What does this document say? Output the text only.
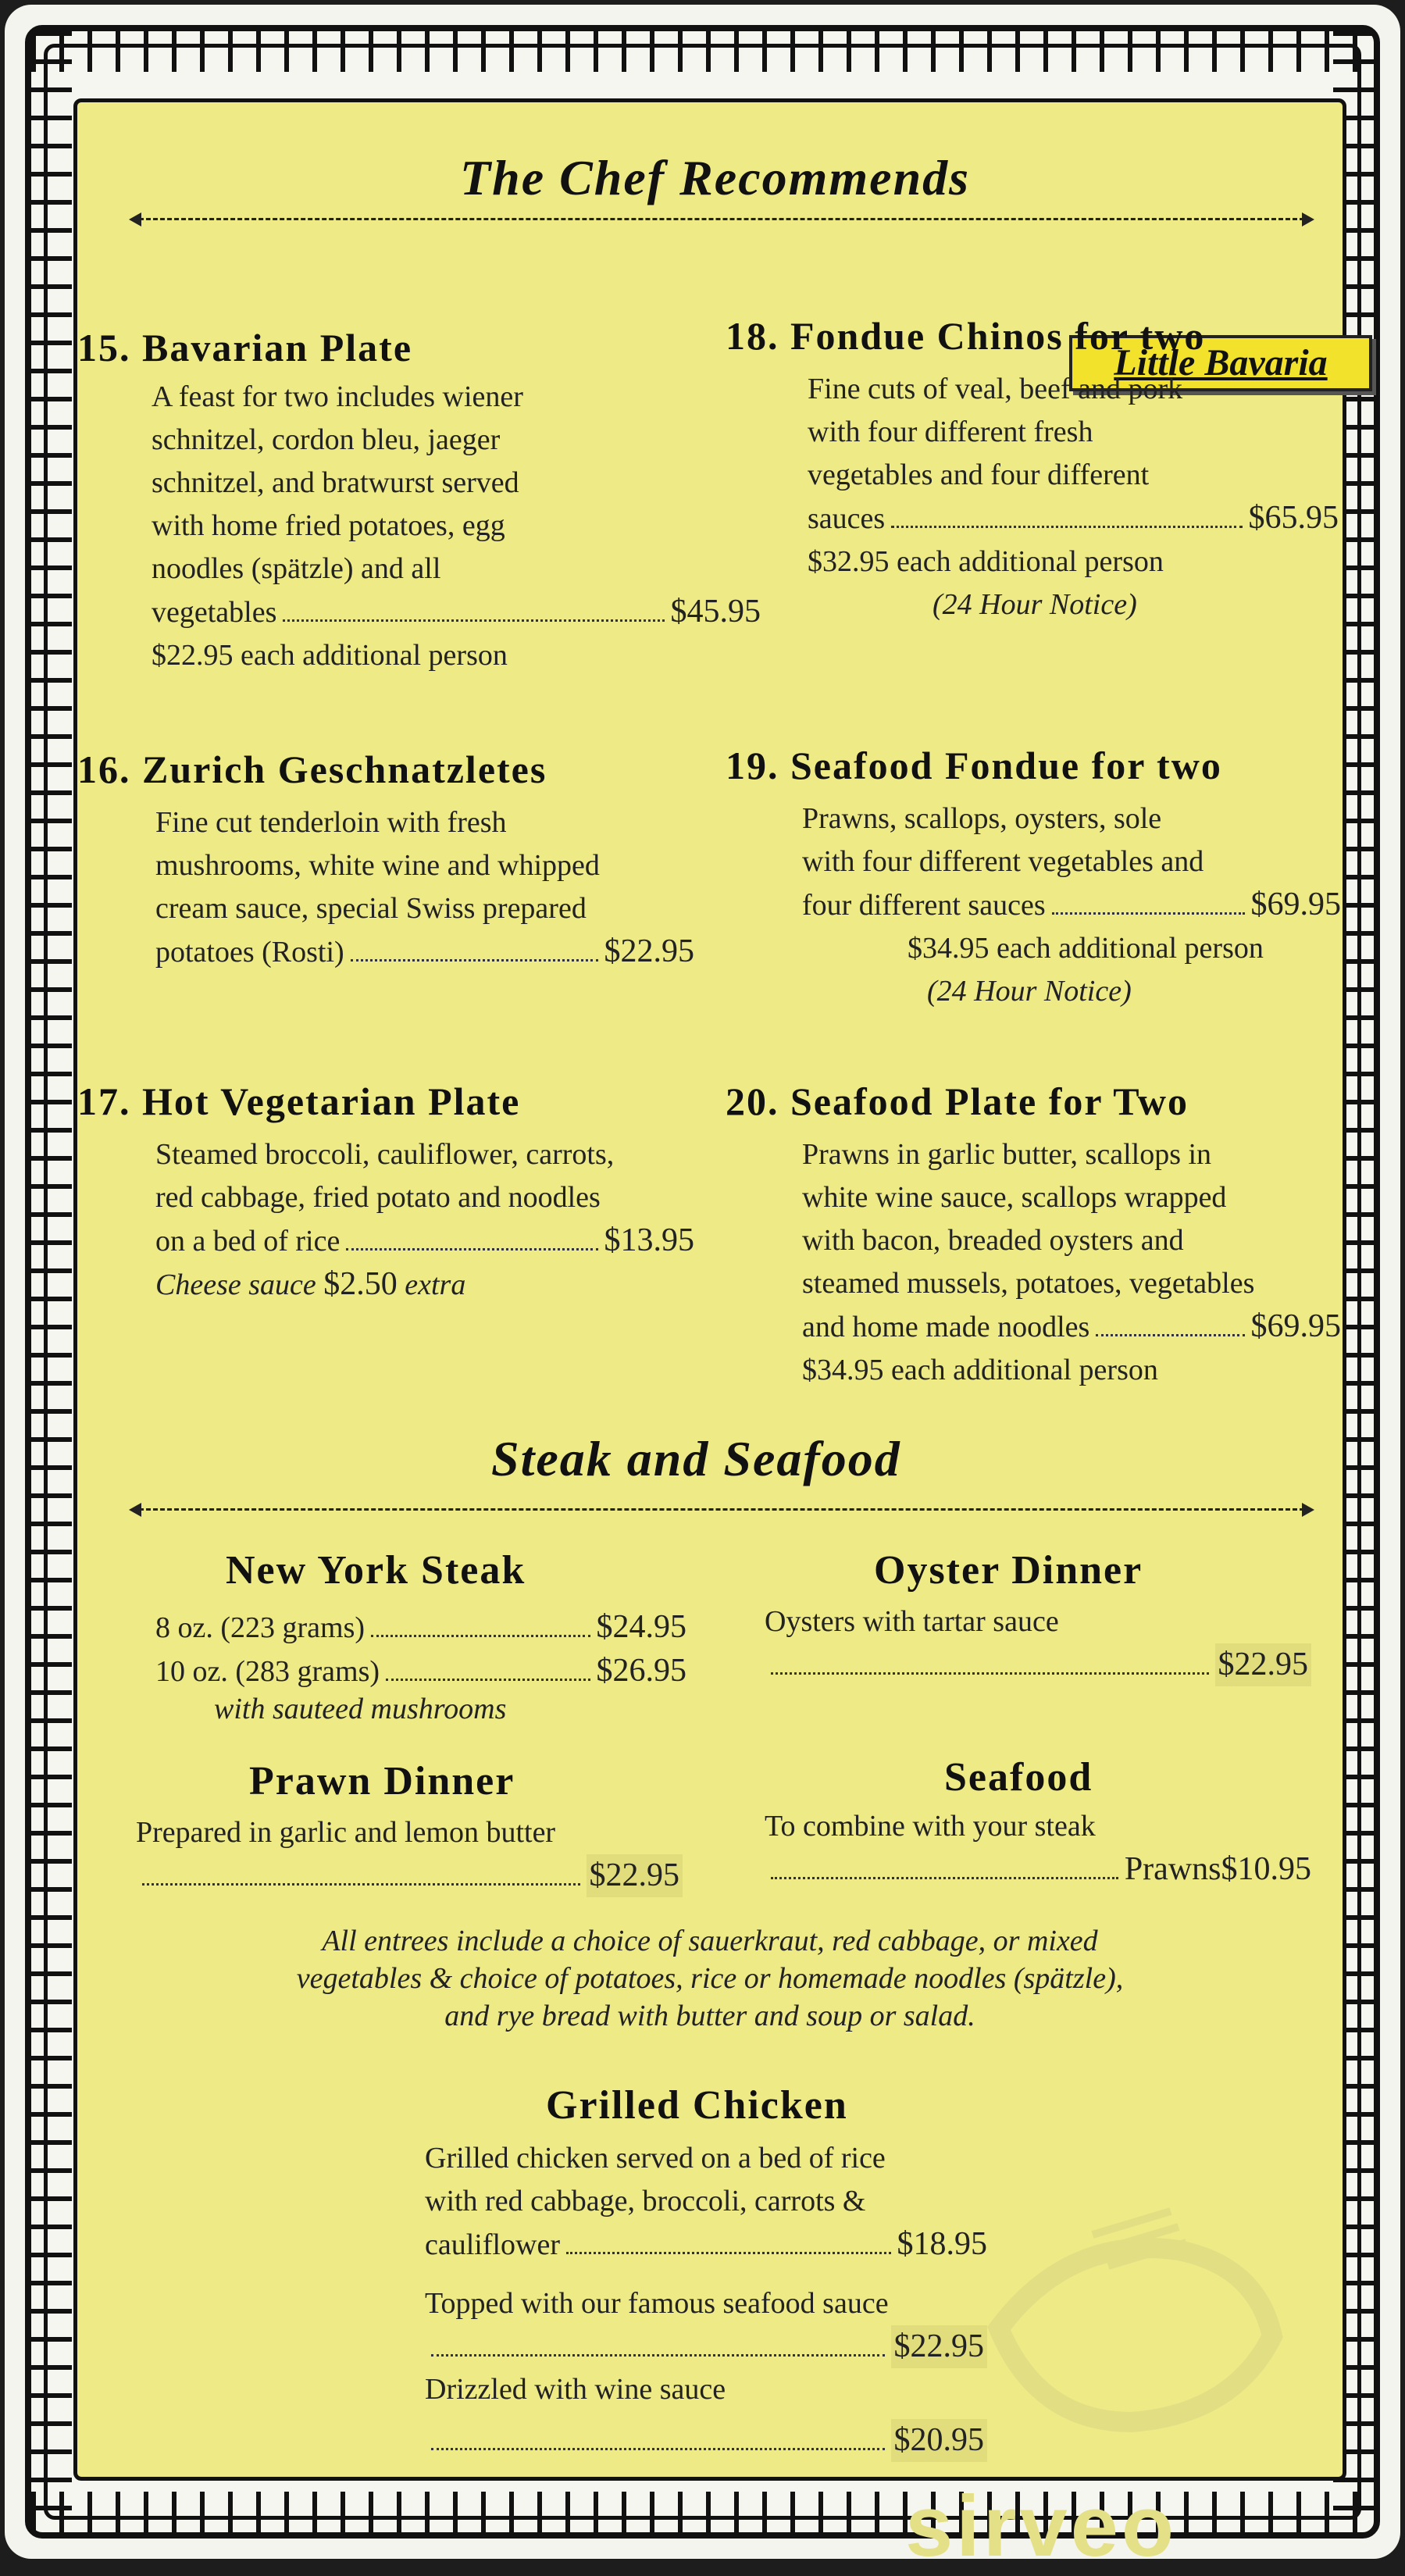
sirveo
The Chef Recommends
Little Bavaria
15. Bavarian Plate
A feast for two includes wiener
schnitzel, cordon bleu, jaeger
schnitzel, and bratwurst served
with home fried potatoes, egg
noodles (spätzle) and all
vegetables	$45.95
$22.95 each additional person
18. Fondue Chinos for two
Fine cuts of veal, beef and pork
with four different fresh
vegetables and four different
sauces	$65.95
$32.95 each additional person
(24 Hour Notice)
16. Zurich Geschnatzletes
Fine cut tenderloin with fresh
mushrooms, white wine and whipped
cream sauce, special Swiss prepared
potatoes (Rosti)	$22.95
19. Seafood Fondue for two
Prawns, scallops, oysters, sole
with four different vegetables and
four different sauces	$69.95
$34.95 each additional person
(24 Hour Notice)
17. Hot Vegetarian Plate
Steamed broccoli, cauliflower, carrots,
red cabbage, fried potato and noodles
on a bed of rice	$13.95
Cheese sauce $2.50 extra
20. Seafood Plate for Two
Prawns in garlic butter, scallops in
white wine sauce, scallops wrapped
with bacon, breaded oysters and
steamed mussels, potatoes, vegetables
and home made noodles	$69.95
$34.95 each additional person
Steak and Seafood
New York Steak
8 oz. (223 grams)	$24.95
10 oz. (283 grams)	$26.95
with sauteed mushrooms
Oyster Dinner
Oysters with tartar sauce
$22.95
Prawn Dinner
Prepared in garlic and lemon butter
$22.95
Seafood
To combine with your steak
Prawns $10.95
All entrees include a choice of sauerkraut, red cabbage, or mixed
vegetables & choice of potatoes, rice or homemade noodles (spätzle),
and rye bread with butter and soup or salad.
Grilled Chicken
Grilled chicken served on a bed of rice
with red cabbage, broccoli, carrots &
cauliflower	$18.95
Topped with our famous seafood sauce
$22.95
Drizzled with wine sauce
$20.95
